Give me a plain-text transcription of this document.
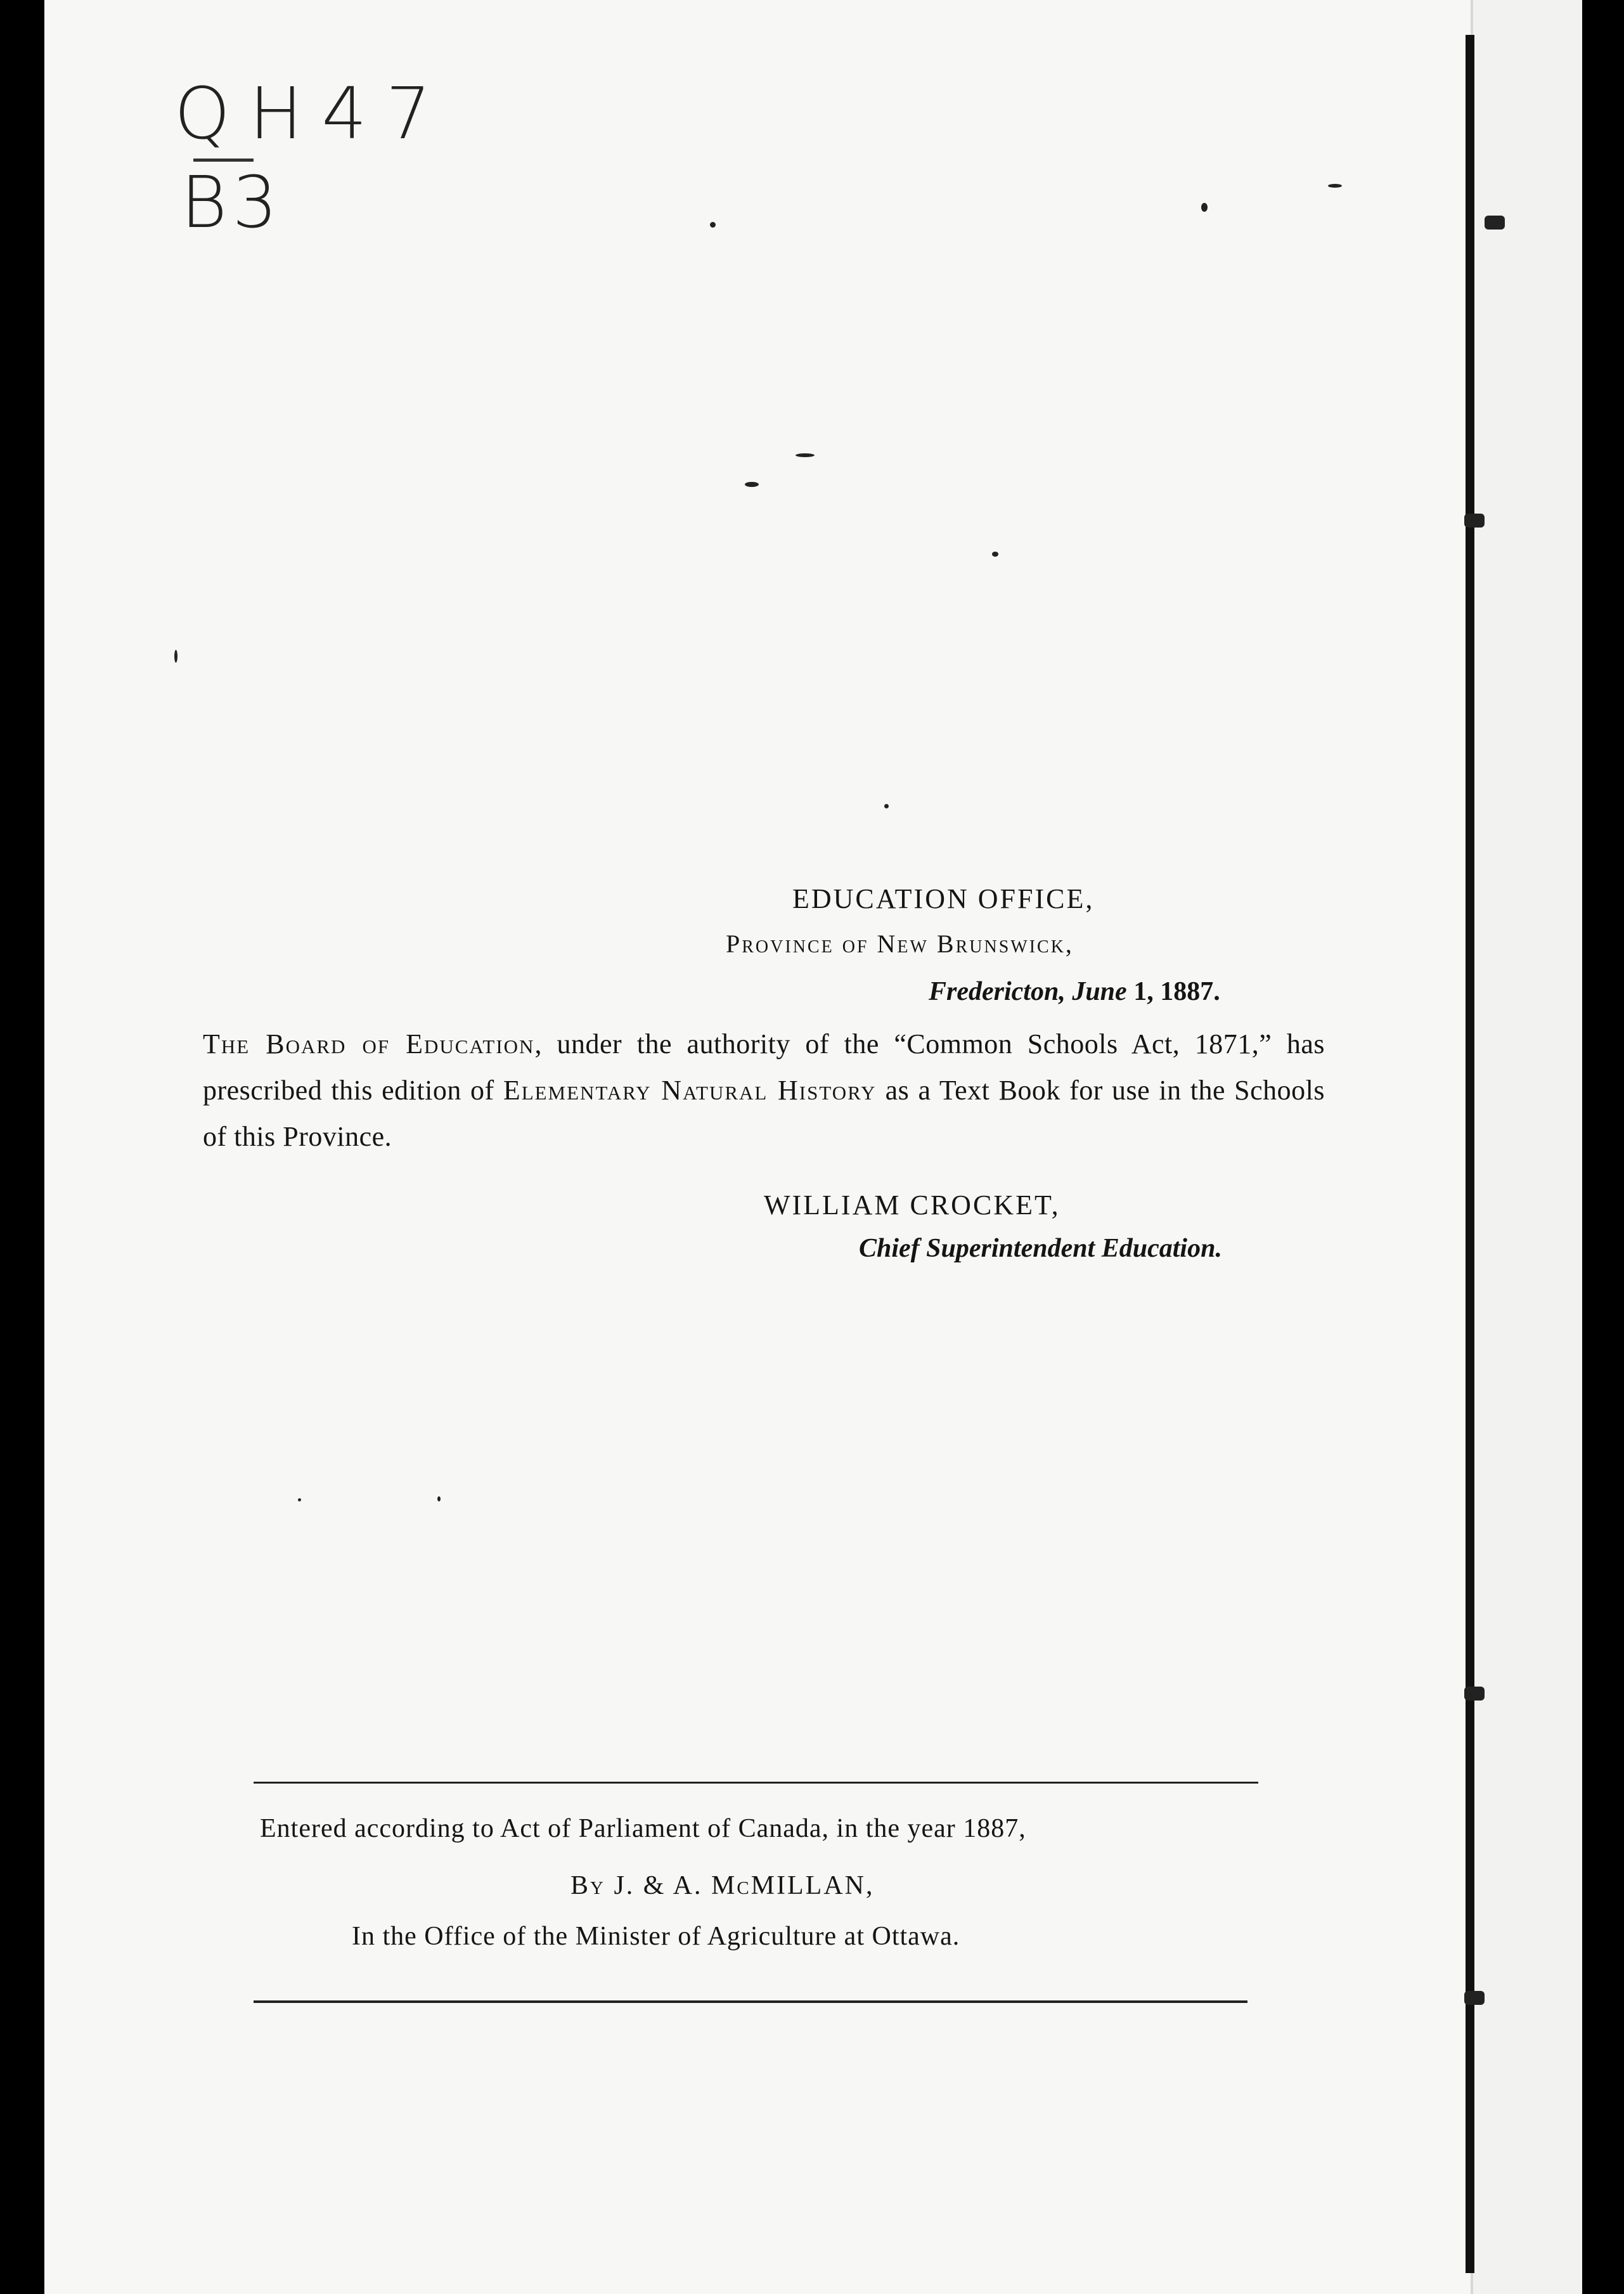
QH47
B3
EDUCATION OFFICE,
Province of New Brunswick,
Fredericton, June 1, 1887.
The Board of Education, under the authority of the “Common Schools Act, 1871,” has prescribed this edition of Elementary Natural History as a Text Book for use in the Schools of this Province.
WILLIAM CROCKET,
Chief Superintendent Education.
Entered according to Act of Parliament of Canada, in the year 1887,
By J. & A. McMILLAN,
In the Office of the Minister of Agriculture at Ottawa.
